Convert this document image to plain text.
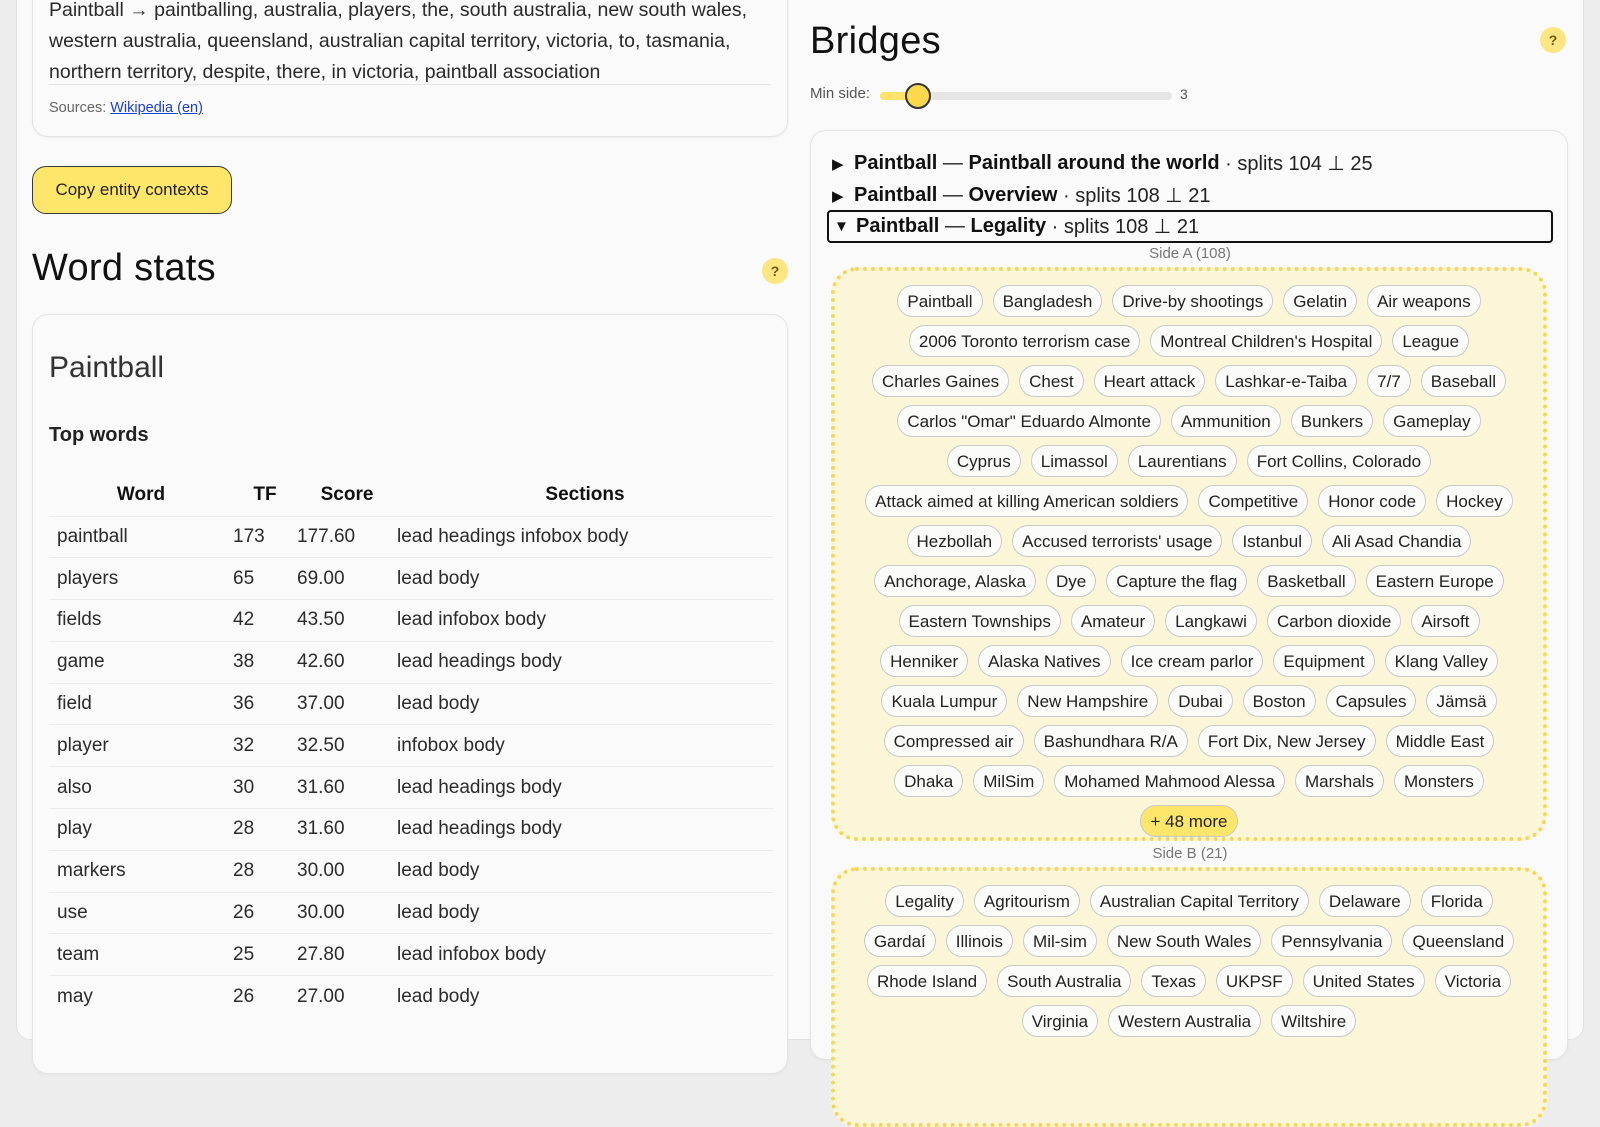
Paintball → paintballing, australia, players, the, south australia, new south wales,
western australia, queensland, australian capital territory, victoria, to, tasmania,
northern territory, despite, there, in victoria, paintball association
Sources: Wikipedia (en)
Copy entity contexts
Word stats	?
Paintball
Top words
Word	TF	Score	Sections
paintball	173	177.60	lead headings infobox body
players	65	69.00	lead body
fields	42	43.50	lead infobox body
game	38	42.60	lead headings body
field	36	37.00	lead body
player	32	32.50	infobox body
also	30	31.60	lead headings body
play	28	31.60	lead headings body
markers	28	30.00	lead body
use	26	30.00	lead body
team	25	27.80	lead infobox body
may	26	27.00	lead body
Bridges	?
Min side:	3
▶ Paintball
—
Paintball around the world
· splits 104 ⊥ 25
▶ Paintball
—
Overview
· splits 108 ⊥ 21
▼ Paintball
—
Legality
· splits 108 ⊥ 21
Side A (108)
Paintball	Bangladesh	Drive-by shootings	Gelatin	Air weapons
2006 Toronto terrorism case	Montreal Children's Hospital	League
Charles Gaines	Chest	Heart attack	Lashkar-e-Taiba	7/7	Baseball
Carlos "Omar" Eduardo Almonte	Ammunition	Bunkers	Gameplay
Cyprus	Limassol	Laurentians	Fort Collins, Colorado
Attack aimed at killing American soldiers	Competitive	Honor code	Hockey
Hezbollah	Accused terrorists' usage	Istanbul	Ali Asad Chandia
Anchorage, Alaska	Dye	Capture the flag	Basketball	Eastern Europe
Eastern Townships	Amateur	Langkawi	Carbon dioxide	Airsoft
Henniker	Alaska Natives	Ice cream parlor	Equipment	Klang Valley
Kuala Lumpur	New Hampshire	Dubai	Boston	Capsules	Jämsä
Compressed air	Bashundhara R/A	Fort Dix, New Jersey	Middle East
Dhaka	MilSim	Mohamed Mahmood Alessa	Marshals	Monsters
+ 48 more
Side B (21)
Legality	Agritourism	Australian Capital Territory	Delaware	Florida
Gardaí	Illinois	Mil-sim	New South Wales	Pennsylvania	Queensland
Rhode Island	South Australia	Texas	UKPSF	United States	Victoria
Virginia	Western Australia	Wiltshire
